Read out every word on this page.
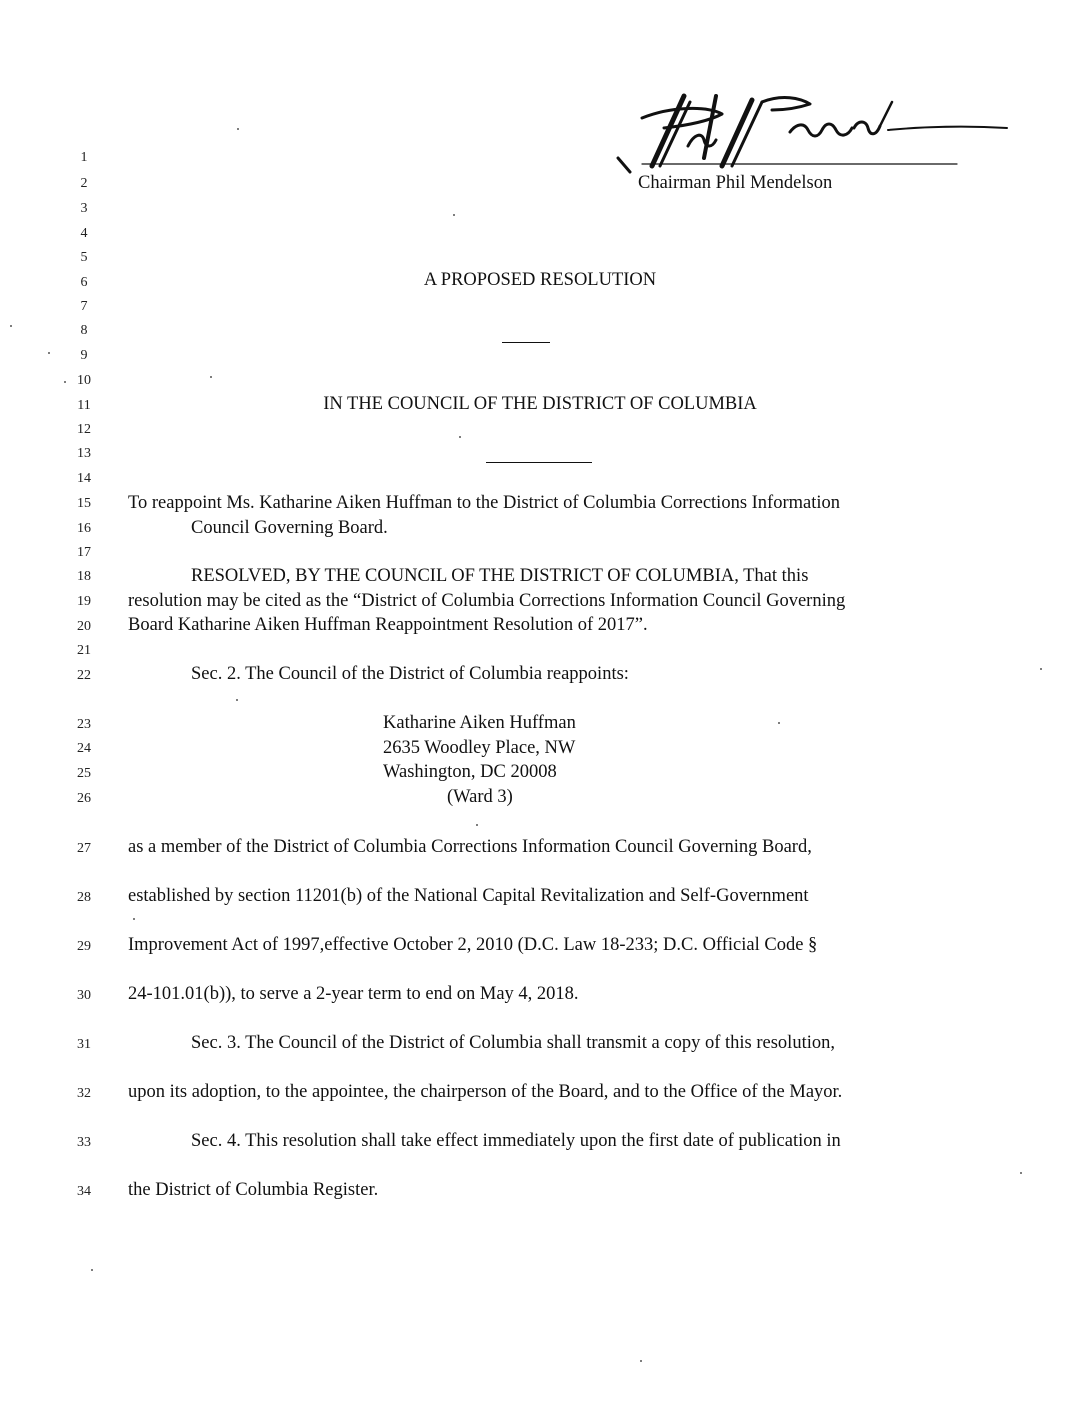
Chairman Phil Mendelson
1
2
3
4
5
6
7
8
9
10
11
12
13
14
15
16
17
18
19
20
21
22
23
24
25
26
27
28
29
30
31
32
33
34
A PROPOSED RESOLUTION
IN THE COUNCIL OF THE DISTRICT OF COLUMBIA
To reappoint Ms. Katharine Aiken Huffman to the District of Columbia Corrections Information
Council Governing Board.
RESOLVED, BY THE COUNCIL OF THE DISTRICT OF COLUMBIA, That this
resolution may be cited as the “District of Columbia Corrections Information Council Governing
Board Katharine Aiken Huffman Reappointment Resolution of 2017”.
Sec. 2. The Council of the District of Columbia reappoints:
Katharine Aiken Huffman
2635 Woodley Place, NW
Washington, DC 20008
(Ward 3)
as a member of the District of Columbia Corrections Information Council Governing Board,
established by section 11201(b) of the National Capital Revitalization and Self-Government
Improvement Act of 1997,effective October 2, 2010 (D.C. Law 18-233; D.C. Official Code §
24-101.01(b)), to serve a 2-year term to end on May 4, 2018.
Sec. 3. The Council of the District of Columbia shall transmit a copy of this resolution,
upon its adoption, to the appointee, the chairperson of the Board, and to the Office of the Mayor.
Sec. 4. This resolution shall take effect immediately upon the first date of publication in
the District of Columbia Register.
